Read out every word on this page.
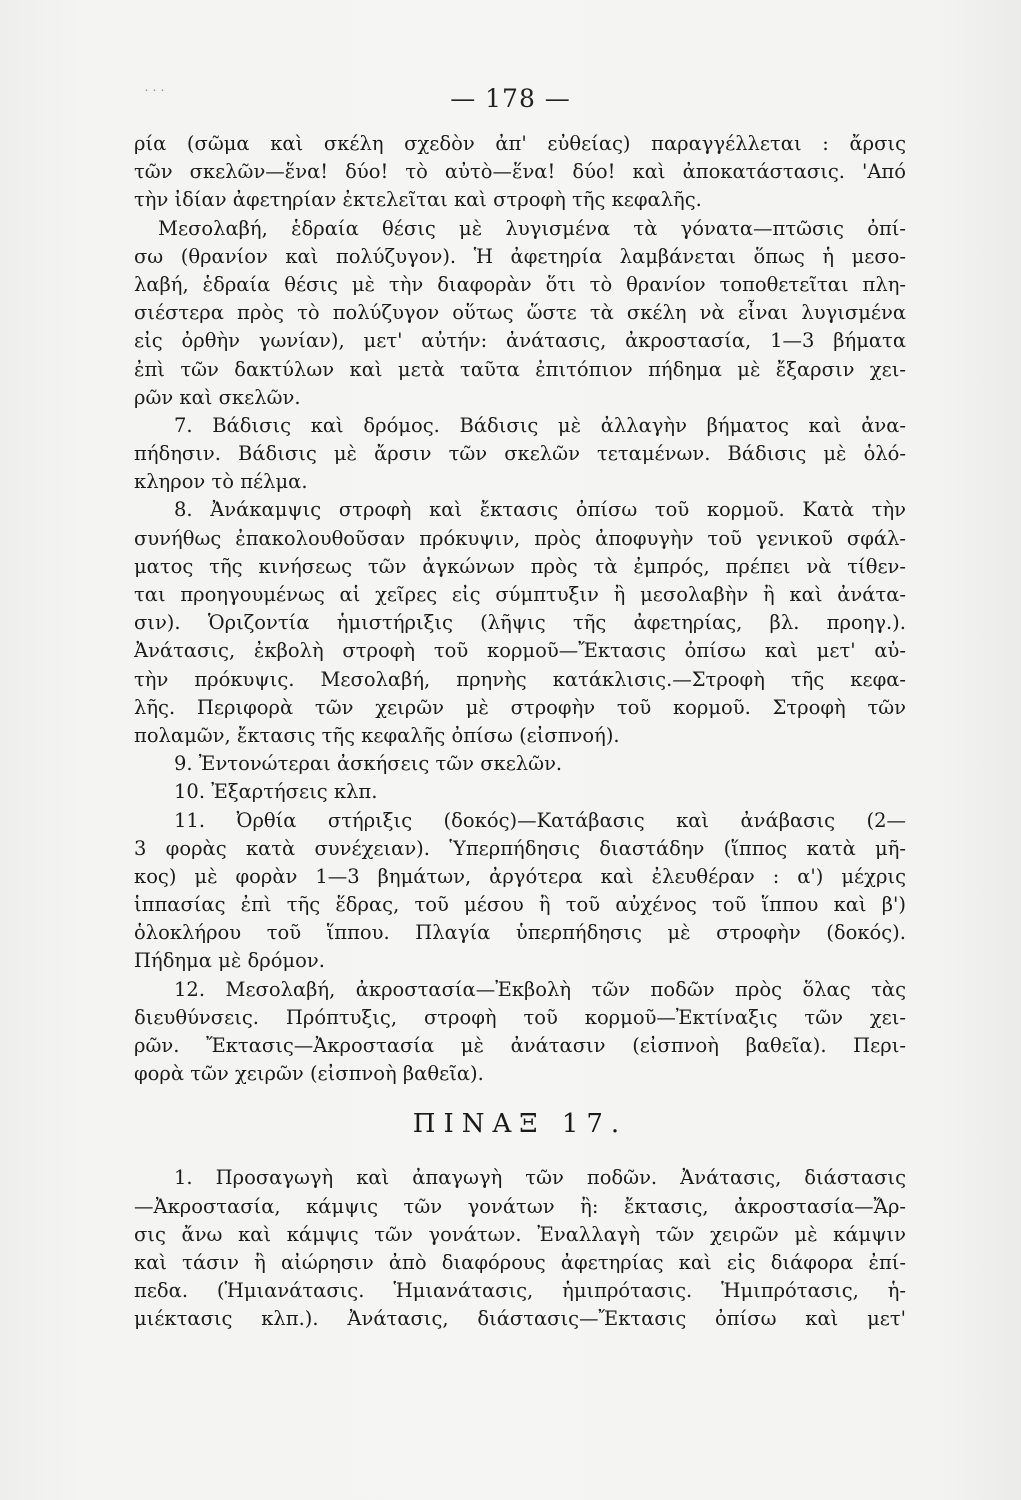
˙˙˙	— 178 —
ρία (σῶμα καὶ σκέλη σχεδὸν ἀπ' εὐθείας) παραγγέλλεται : ἄρσις
τῶν σκελῶν—ἕνα! δύο! τὸ αὐτὸ—ἕνα! δύο! καὶ ἀποκατάστασις. 'Από
τὴν ἰδίαν ἀφετηρίαν ἐκτελεῖται καὶ στροφὴ τῆς κεφαλῆς.
Μεσολαβή, ἑδραία θέσις μὲ λυγισμένα τὰ γόνατα—πτῶσις ὀπί-
σω (θρανίον καὶ πολύζυγον). Ἡ ἀφετηρία λαμβάνεται ὅπως ἡ μεσο-
λαβή, ἑδραία θέσις μὲ τὴν διαφορὰν ὅτι τὸ θρανίον τοποθετεῖται πλη-
σιέστερα πρὸς τὸ πολύζυγον οὕτως ὥστε τὰ σκέλη νὰ εἶναι λυγισμένα
εἰς ὀρθὴν γωνίαν), μετ' αὐτήν: ἀνάτασις, ἀκροστασία, 1—3 βήματα
ἐπὶ τῶν δακτύλων καὶ μετὰ ταῦτα ἐπιτόπιον πήδημα μὲ ἔξαρσιν χει-
ρῶν καὶ σκελῶν.
7. Βάδισις καὶ δρόμος. Βάδισις μὲ ἀλλαγὴν βήματος καὶ ἀνα-
πήδησιν. Βάδισις μὲ ἄρσιν τῶν σκελῶν τεταμένων. Βάδισις μὲ ὁλό-
κληρον τὸ πέλμα.
8. Ἀνάκαμψις στροφὴ καὶ ἔκτασις ὀπίσω τοῦ κορμοῦ. Κατὰ τὴν
συνήθως ἐπακολουθοῦσαν πρόκυψιν, πρὸς ἀποφυγὴν τοῦ γενικοῦ σφάλ-
ματος τῆς κινήσεως τῶν ἀγκώνων πρὸς τὰ ἐμπρός, πρέπει νὰ τίθεν-
ται προηγουμένως αἱ χεῖρες εἰς σύμπτυξιν ἢ μεσολαβὴν ἢ καὶ ἀνάτα-
σιν). Ὁριζοντία ἡμιστήριξις (λῆψις τῆς ἀφετηρίας, βλ. προηγ.).
Ἀνάτασις, ἐκβολὴ στροφὴ τοῦ κορμοῦ—Ἔκτασις ὀπίσω καὶ μετ' αὐ-
τὴν πρόκυψις. Μεσολαβή, πρηνὴς κατάκλισις.—Στροφὴ τῆς κεφα-
λῆς. Περιφορὰ τῶν χειρῶν μὲ στροφὴν τοῦ κορμοῦ. Στροφὴ τῶν
πολαμῶν, ἔκτασις τῆς κεφαλῆς ὀπίσω (εἰσπνοή).
9. Ἐντονώτεραι ἀσκήσεις τῶν σκελῶν.
10. Ἐξαρτήσεις κλπ.
11. Ὀρθία στήριξις (δοκός)—Κατάβασις καὶ ἀνάβασις (2—
3 φορὰς κατὰ συνέχειαν). Ὑπερπήδησις διαστάδην (ἵππος κατὰ μῆ-
κος) μὲ φορὰν 1—3 βημάτων, ἀργότερα καὶ ἐλευθέραν : α') μέχρις
ἱππασίας ἐπὶ τῆς ἕδρας, τοῦ μέσου ἢ τοῦ αὐχένος τοῦ ἵππου καὶ β')
ὁλοκλήρου τοῦ ἵππου. Πλαγία ὑπερπήδησις μὲ στροφὴν (δοκός).
Πήδημα μὲ δρόμον.
12. Μεσολαβή, ἀκροστασία—Ἐκβολὴ τῶν ποδῶν πρὸς ὅλας τὰς
διευθύνσεις. Πρόπτυξις, στροφὴ τοῦ κορμοῦ—Ἐκτίναξις τῶν χει-
ρῶν. Ἔκτασις—Ἀκροστασία μὲ ἀνάτασιν (εἰσπνοὴ βαθεῖα). Περι-
φορὰ τῶν χειρῶν (εἰσπνοὴ βαθεῖα).
ΠΙΝΑΞ 17.
1. Προσαγωγὴ καὶ ἀπαγωγὴ τῶν ποδῶν. Ἀνάτασις, διάστασις
—Ἀκροστασία, κάμψις τῶν γονάτων ἢ: ἔκτασις, ἀκροστασία—Ἄρ-
σις ἄνω καὶ κάμψις τῶν γονάτων. Ἐναλλαγὴ τῶν χειρῶν μὲ κάμψιν
καὶ τάσιν ἢ αἰώρησιν ἀπὸ διαφόρους ἀφετηρίας καὶ εἰς διάφορα ἐπί-
πεδα. (Ἡμιανάτασις. Ἡμιανάτασις, ἡμιπρότασις. Ἡμιπρότασις, ἡ-
μιέκτασις κλπ.). Ἀνάτασις, διάστασις—Ἔκτασις ὀπίσω καὶ μετ'
